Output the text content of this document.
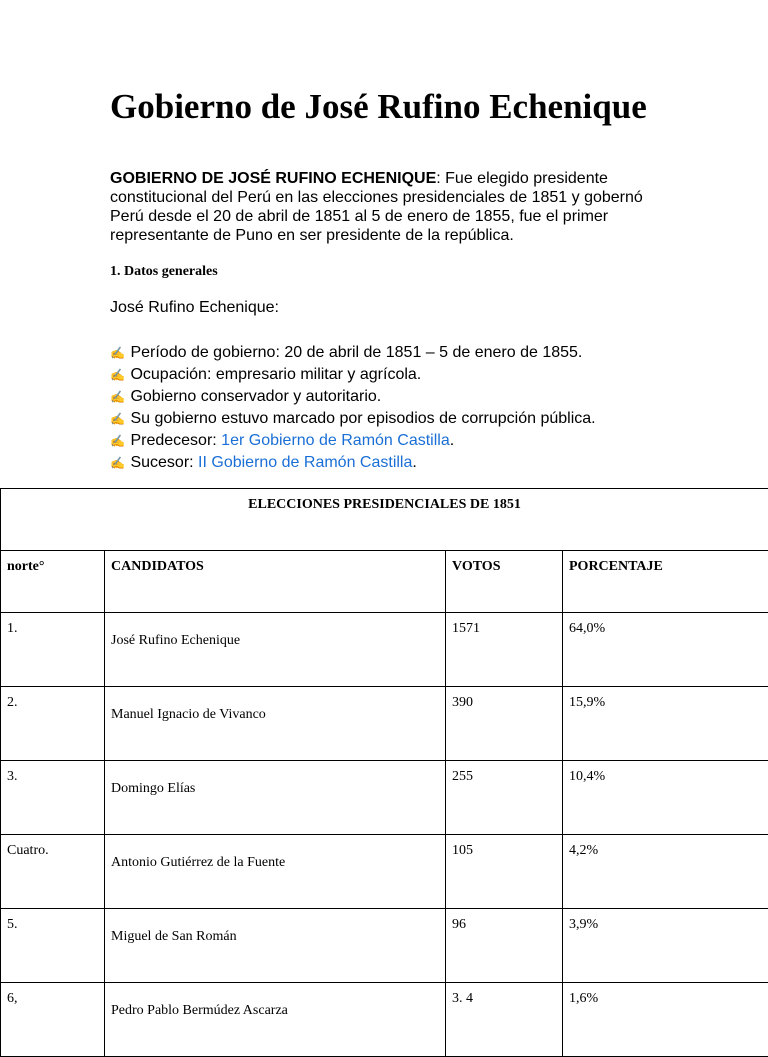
Gobierno de José Rufino Echenique

GOBIERNO DE JOSÉ RUFINO ECHENIQUE: Fue elegido presidente constitucional del Perú en las elecciones presidenciales de 1851 y gobernó Perú desde el 20 de abril de 1851 al 5 de enero de 1855, fue el primer representante de Puno en ser presidente de la república.

1. Datos generales

José Rufino Echenique:

✍ Período de gobierno: 20 de abril de 1851 – 5 de enero de 1855.
✍ Ocupación: empresario militar y agrícola.
✍ Gobierno conservador y autoritario.
✍ Su gobierno estuvo marcado por episodios de corrupción pública.
✍ Predecesor: 1er Gobierno de Ramón Castilla.
✍ Sucesor: II Gobierno de Ramón Castilla.
ELECCIONES PRESIDENCIALES DE 1851			
norte°	CANDIDATOS	VOTOS	PORCENTAJE
1.	José Rufino Echenique	1571	64,0%
2.	Manuel Ignacio de Vivanco	390	15,9%
3.	Domingo Elías	255	10,4%
Cuatro.	Antonio Gutiérrez de la Fuente	105	4,2%
5.	Miguel de San Román	96	3,9%
6,	Pedro Pablo Bermúdez Ascarza	3. 4	1,6%
